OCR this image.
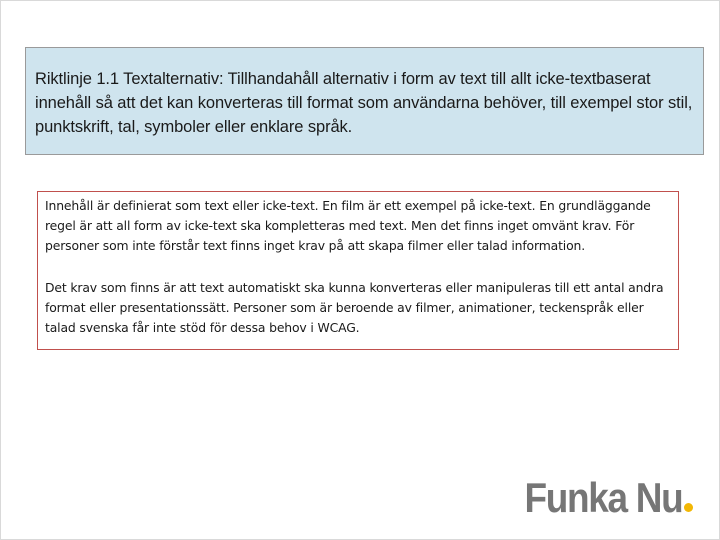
Riktlinje 1.1 Textalternativ: Tillhandahåll alternativ i form av text till allt icke-textbaserat innehåll så att det kan konverteras till format som användarna behöver, till exempel stor stil, punktskrift, tal, symboler eller enklare språk.

Innehåll är definierat som text eller icke-text. En film är ett exempel på icke-text. En grundläggande regel är att all form av icke-text ska kompletteras med text. Men det finns inget omvänt krav. För personer som inte förstår text finns inget krav på att skapa filmer eller talad information.

Det krav som finns är att text automatiskt ska kunna konverteras eller manipuleras till ett antal andra format eller presentationssätt. Personer som är beroende av filmer, animationer, teckenspråk eller talad svenska får inte stöd för dessa behov i WCAG.

Funka Nu
